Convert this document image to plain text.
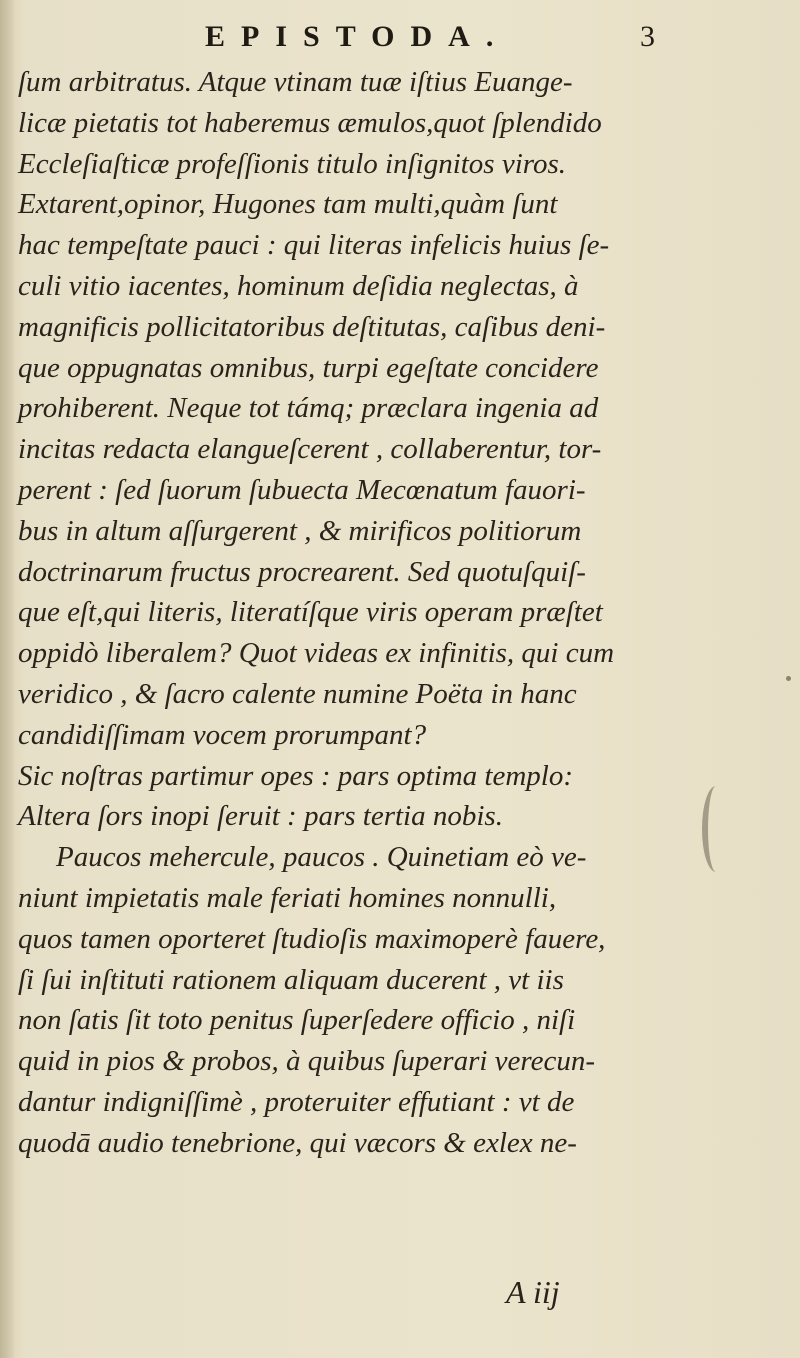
EPISTODA.	3
ſum arbitratus. Atque vtinam tuæ iſtius Euange-
licæ pietatis tot haberemus æmulos,quot ſplendido
Eccleſiaſticæ profeſſionis titulo inſignitos viros.
Extarent,opinor, Hugones tam multi,quàm ſunt
hac tempeſtate pauci : qui literas infelicis huius ſe-
culi vitio iacentes, hominum deſidia neglectas, à
magnificis pollicitatoribus deſtitutas, caſibus deni-
que oppugnatas omnibus, turpi egeſtate concidere
prohiberent. Neque tot támq; præclara ingenia ad
incitas redacta elangueſcerent , collaberentur, tor-
perent : ſed ſuorum ſubuecta Mecœnatum fauori-
bus in altum aſſurgerent , & mirificos politiorum
doctrinarum fructus procrearent. Sed quotuſquiſ-
que eſt,qui literis, literatíſque viris operam præſtet
oppidò liberalem? Quot videas ex infinitis, qui cum
veridico , & ſacro calente numine Poëta in hanc
candidiſſimam vocem prorumpant?
Sic noſtras partimur opes : pars optima templo:
Altera ſors inopi ſeruit : pars tertia nobis.
Paucos mehercule, paucos . Quinetiam eò ve-
niunt impietatis male feriati homines nonnulli,
quos tamen oporteret ſtudioſis maximoperè fauere,
ſi ſui inſtituti rationem aliquam ducerent , vt iis
non ſatis ſit toto penitus ſuperſedere officio , niſi
quid in pios & probos, à quibus ſuperari verecun-
dantur indigniſſimè , proteruiter effutiant : vt de
quodā audio tenebrione, qui væcors & exlex ne-
A iij
